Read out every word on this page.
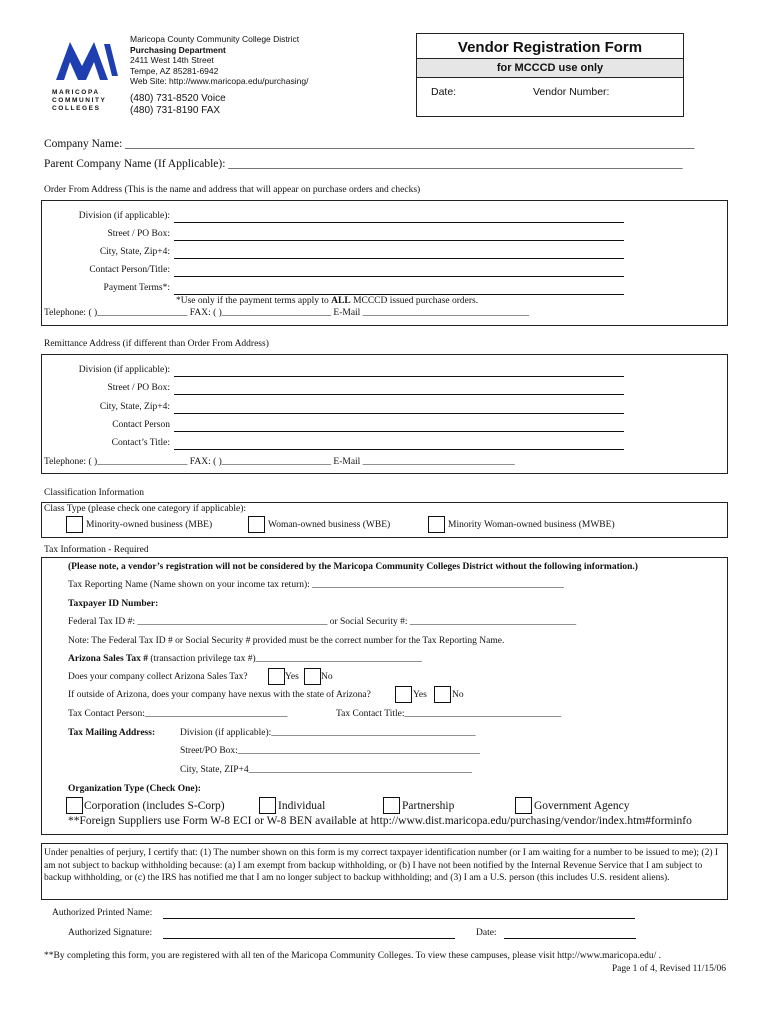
MARICOPA
COMMUNITY
COLLEGES
Maricopa County Community College District
Purchasing Department
2411 West 14th Street
Tempe, AZ 85281-6942
Web Site: http://www.maricopa.edu/purchasing/
(480) 731-8520 Voice
(480) 731-8190 FAX
Vendor Registration Form
for MCCCD use only
Date:	Vendor Number:
Company Name: ___________________________________________________________________________________________________
Parent Company Name (If Applicable): _______________________________________________________________________________
Order From Address (This is the name and address that will appear on purchase orders and checks)
Division (if applicable):
Street / PO Box:
City, State, Zip+4:
Contact Person/Title:
Payment Terms*:
*Use only if the payment terms apply to ALL MCCCD issued purchase orders.
Telephone: ( )___________________ FAX: ( )_______________________ E-Mail ___________________________________
Remittance Address (if different than Order From Address)
Division (if applicable):
Street / PO Box:
City, State, Zip+4:
Contact Person
Contact’s Title:
Telephone: ( )___________________ FAX: ( )_______________________ E-Mail ________________________________
Classification Information
Class Type (please check one category if applicable):
Minority-owned business (MBE)	Woman-owned business (WBE)	Minority Woman-owned business (MWBE)
Tax Information - Required
(Please note, a vendor’s registration will not be considered by the Maricopa Community Colleges District without the following information.)
Tax Reporting Name (Name shown on your income tax return): _____________________________________________________
Taxpayer ID Number:
Federal Tax ID #: ________________________________________ or Social Security #: ___________________________________
Note: The Federal Tax ID # or Social Security # provided must be the correct number for the Tax Reporting Name.
Arizona Sales Tax # (transaction privilege tax #)___________________________________
Does your company collect Arizona Sales Tax?	Yes No
If outside of Arizona, does your company have nexus with the state of Arizona?	Yes	No
Tax Contact Person:______________________________	Tax Contact Title:_________________________________
Tax Mailing Address:	Division (if applicable):___________________________________________
Street/PO Box:___________________________________________________
City, State, ZIP+4_______________________________________________
Organization Type (Check One):
Corporation (includes S-Corp)	Individual	Partnership	Government Agency
**Foreign Suppliers use Form W-8 ECI or W-8 BEN available at http://www.dist.maricopa.edu/purchasing/vendor/index.htm#forminfo
Under penalties of perjury, I certify that: (1) The number shown on this form is my correct taxpayer identification number (or I am waiting for a number to be issued to me); (2) I am not subject to backup withholding because: (a) I am exempt from backup withholding, or (b) I have not been notified by the Internal Revenue Service that I am subject to backup withholding, or (c) the IRS has notified me that I am no longer subject to backup withholding; and (3) I am a U.S. person (this includes U.S. resident aliens).
Authorized Printed Name:
Authorized Signature:	Date:
**By completing this form, you are registered with all ten of the Maricopa Community Colleges. To view these campuses, please visit http://www.maricopa.edu/ .
Page 1 of 4, Revised 11/15/06
